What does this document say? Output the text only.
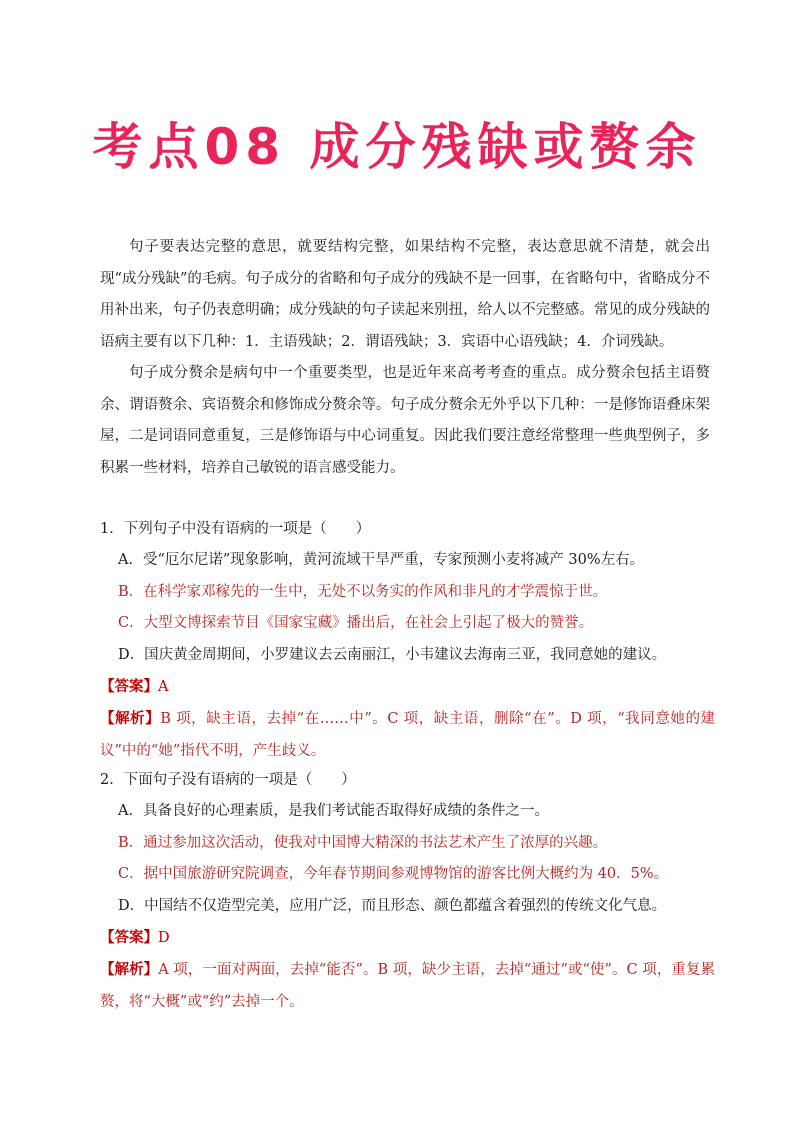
考点08 成分残缺或赘余

句子要表达完整的意思，就要结构完整，如果结构不完整，表达意思就不清楚，就会出现“成分残缺”的毛病。句子成分的省略和句子成分的残缺不是一回事，在省略句中，省略成分不用补出来，句子仍表意明确；成分残缺的句子读起来别扭，给人以不完整感。常见的成分残缺的语病主要有以下几种：1．主语残缺；2．谓语残缺；3．宾语中心语残缺；4．介词残缺。

句子成分赘余是病句中一个重要类型，也是近年来高考考查的重点。成分赘余包括主语赘余、谓语赘余、宾语赘余和修饰成分赘余等。句子成分赘余无外乎以下几种：一是修饰语叠床架屋，二是词语同意重复，三是修饰语与中心词重复。因此我们要注意经常整理一些典型例子，多积累一些材料，培养自己敏锐的语言感受能力。

1．下列句子中没有语病的一项是（　　）

A．受“厄尔尼诺”现象影响，黄河流域干旱严重，专家预测小麦将减产 30%左右。

B．在科学家邓稼先的一生中，无处不以务实的作风和非凡的才学震惊于世。

C．大型文博探索节目《国家宝藏》播出后，在社会上引起了极大的赞誉。

D．国庆黄金周期间，小罗建议去云南丽江，小韦建议去海南三亚，我同意她的建议。

【答案】A

【解析】B 项，缺主语，去掉“在……中”。C 项，缺主语，删除“在”。D 项，“我同意她的建议”中的“她”指代不明，产生歧义。

2．下面句子没有语病的一项是（　　）

A．具备良好的心理素质，是我们考试能否取得好成绩的条件之一。

B．通过参加这次活动，使我对中国博大精深的书法艺术产生了浓厚的兴趣。

C．据中国旅游研究院调查，今年春节期间参观博物馆的游客比例大概约为 40．5%。

D．中国结不仅造型完美，应用广泛，而且形态、颜色都蕴含着强烈的传统文化气息。

【答案】D

【解析】A 项，一面对两面，去掉“能否”。B 项，缺少主语，去掉“通过”或“使”。C 项，重复累赘，将“大概”或“约”去掉一个。
